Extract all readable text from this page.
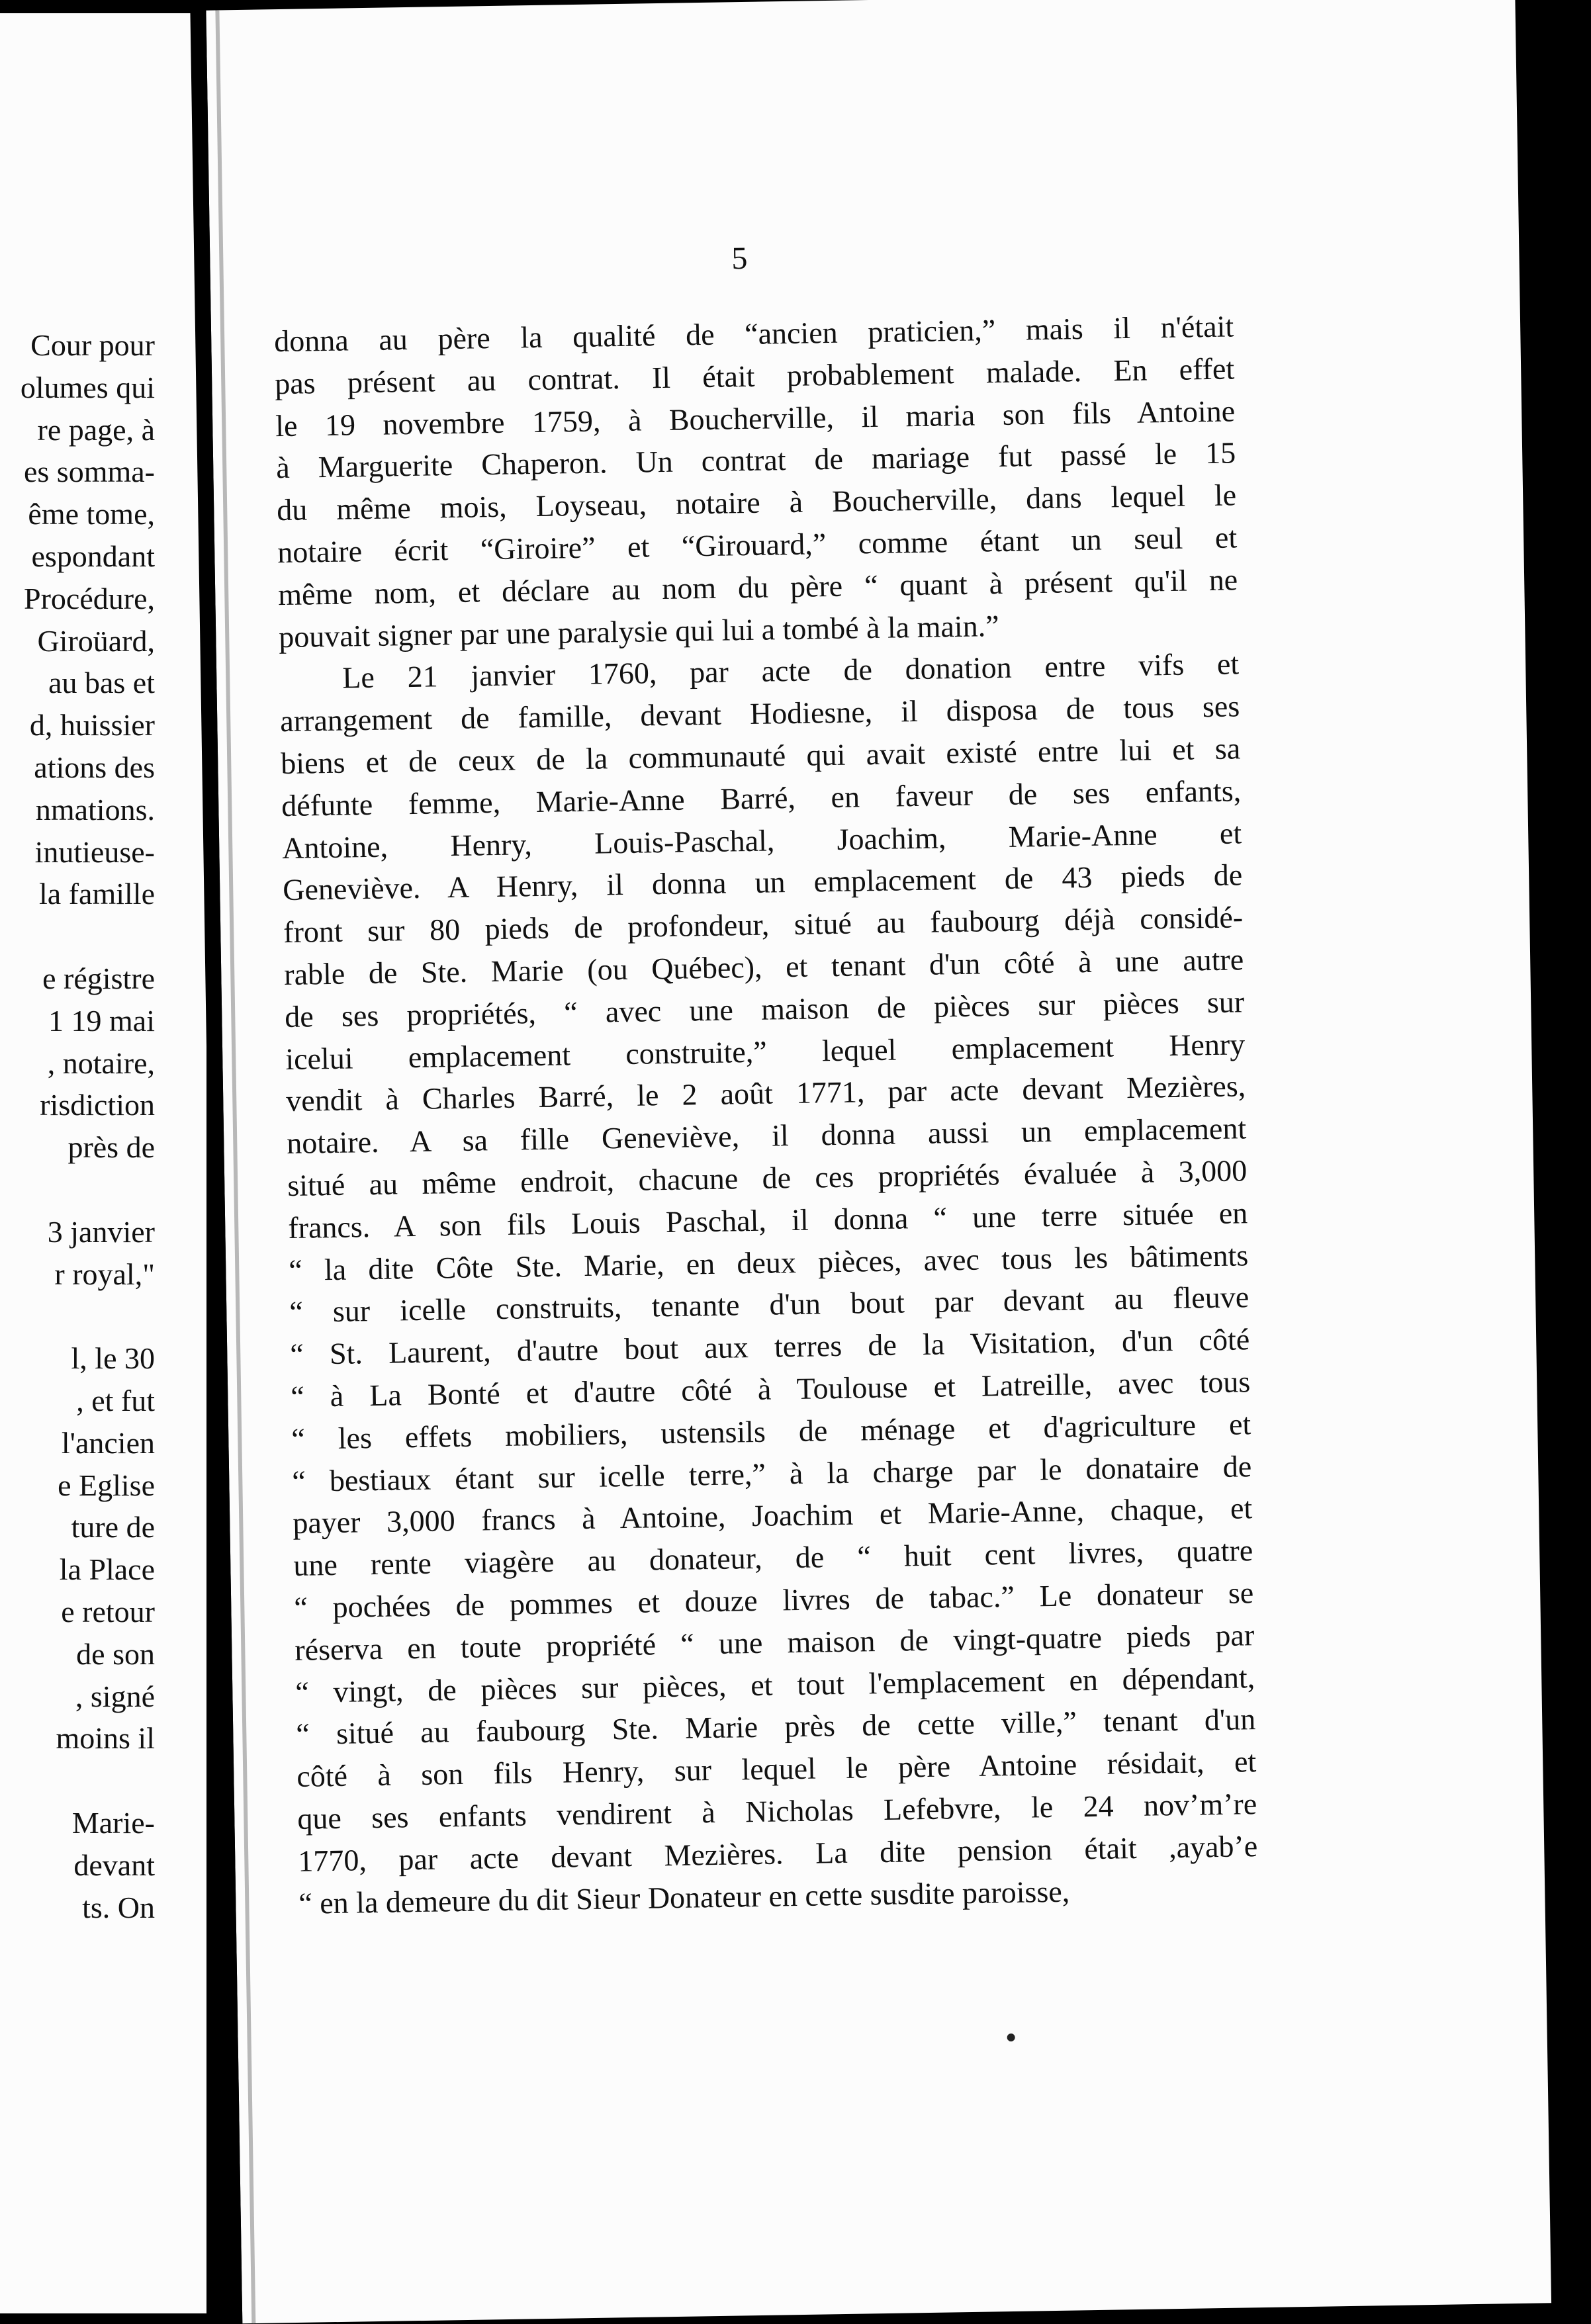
Cour pour
olumes qui
re page, à
es somma-
ême tome,
espondant
Procédure,
Giroüard,
au bas et
d, huissier
ations des
nmations.
inutieuse-
la famille
e régistre
1 19 mai
, notaire,
risdiction
près de
3 janvier
r royal,"
l, le 30
, et fut
l'ancien
e Eglise
ture de
la Place
e retour
de son
, signé
moins il
Marie-
devant
ts. On
5
donna au père la qualité de “ancien praticien,” mais il n'était
pas présent au contrat. Il était probablement malade. En effet
le 19 novembre 1759, à Boucherville, il maria son fils Antoine
à Marguerite Chaperon. Un contrat de mariage fut passé le 15
du même mois, Loyseau, notaire à Boucherville, dans lequel le
notaire écrit “Giroire” et “Girouard,” comme étant un seul et
même nom, et déclare au nom du père “ quant à présent qu'il ne
pouvait signer par une paralysie qui lui a tombé à la main.”
Le 21 janvier 1760, par acte de donation entre vifs et
arrangement de famille, devant Hodiesne, il disposa de tous ses
biens et de ceux de la communauté qui avait existé entre lui et sa
défunte femme, Marie-Anne Barré, en faveur de ses enfants,
Antoine, Henry, Louis-Paschal, Joachim, Marie-Anne et
Geneviève. A Henry, il donna un emplacement de 43 pieds de
front sur 80 pieds de profondeur, situé au faubourg déjà considé-
rable de Ste. Marie (ou Québec), et tenant d'un côté à une autre
de ses propriétés, “ avec une maison de pièces sur pièces sur
icelui emplacement construite,” lequel emplacement Henry
vendit à Charles Barré, le 2 août 1771, par acte devant Mezières,
notaire. A sa fille Geneviève, il donna aussi un emplacement
situé au même endroit, chacune de ces propriétés évaluée à 3,000
francs. A son fils Louis Paschal, il donna “ une terre située en
“ la dite Côte Ste. Marie, en deux pièces, avec tous les bâtiments
“ sur icelle construits, tenante d'un bout par devant au fleuve
“ St. Laurent, d'autre bout aux terres de la Visitation, d'un côté
“ à La Bonté et d'autre côté à Toulouse et Latreille, avec tous
“ les effets mobiliers, ustensils de ménage et d'agriculture et
“ bestiaux étant sur icelle terre,” à la charge par le donataire de
payer 3,000 francs à Antoine, Joachim et Marie-Anne, chaque, et
une rente viagère au donateur, de “ huit cent livres, quatre
“ pochées de pommes et douze livres de tabac.” Le donateur se
réserva en toute propriété “ une maison de vingt-quatre pieds par
“ vingt, de pièces sur pièces, et tout l'emplacement en dépendant,
“ situé au faubourg Ste. Marie près de cette ville,” tenant d'un
côté à son fils Henry, sur lequel le père Antoine résidait, et
que ses enfants vendirent à Nicholas Lefebvre, le 24 nov’m’re
1770, par acte devant Mezières. La dite pension était ,ayab’e
“ en la demeure du dit Sieur Donateur en cette susdite paroisse,
